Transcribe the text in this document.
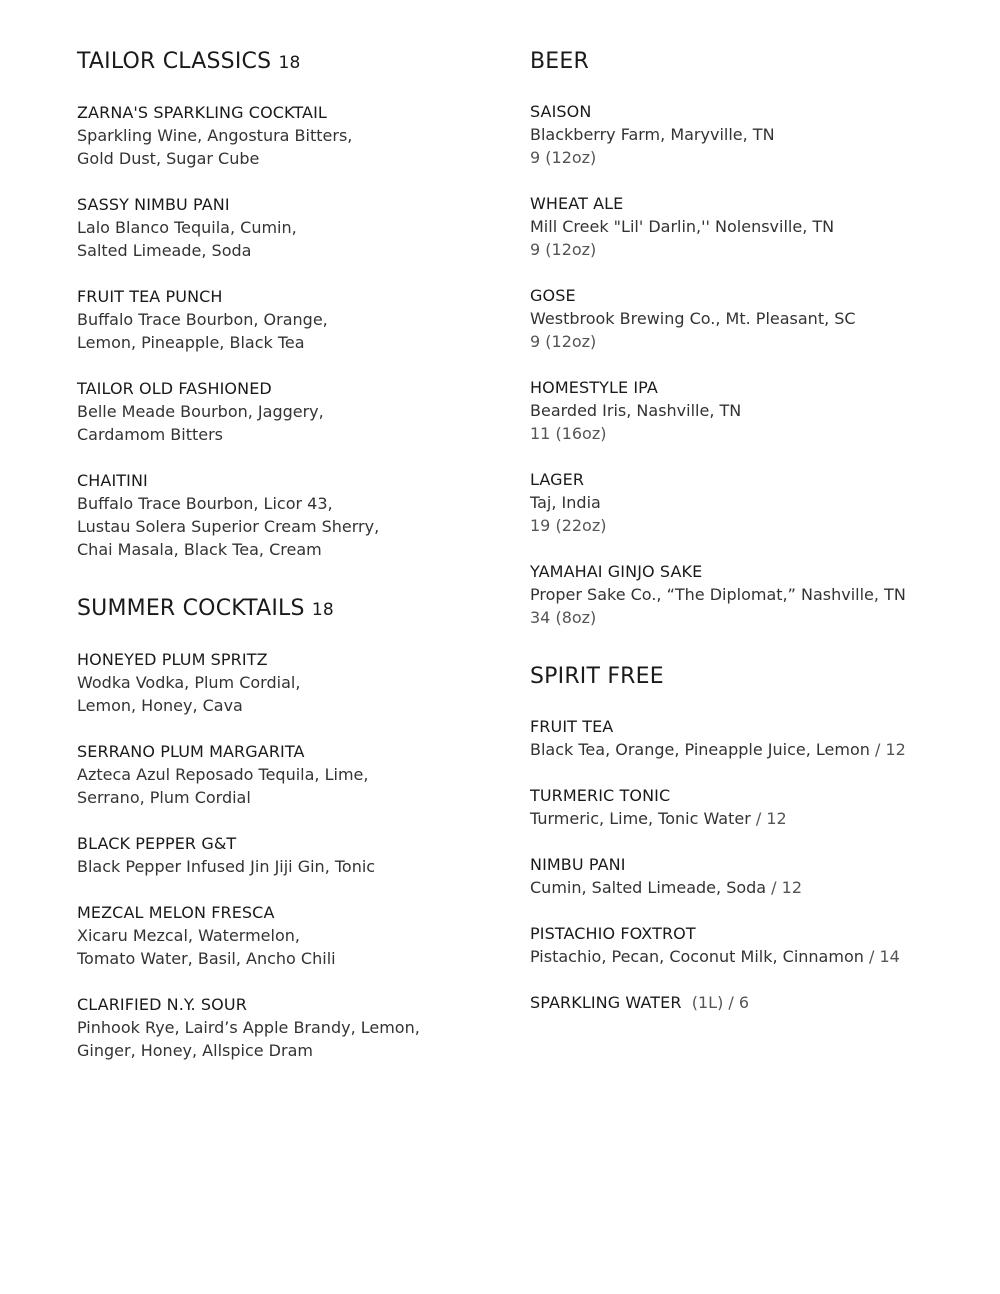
TAILOR CLASSICS 18
ZARNA'S SPARKLING COCKTAIL
Sparkling Wine, Angostura Bitters,
Gold Dust, Sugar Cube
SASSY NIMBU PANI
Lalo Blanco Tequila, Cumin,
Salted Limeade, Soda
FRUIT TEA PUNCH
Buffalo Trace Bourbon, Orange,
Lemon, Pineapple, Black Tea
TAILOR OLD FASHIONED
Belle Meade Bourbon, Jaggery,
Cardamom Bitters
CHAITINI
Buffalo Trace Bourbon, Licor 43,
Lustau Solera Superior Cream Sherry,
Chai Masala, Black Tea, Cream
SUMMER COCKTAILS 18
HONEYED PLUM SPRITZ
Wodka Vodka, Plum Cordial,
Lemon, Honey, Cava
SERRANO PLUM MARGARITA
Azteca Azul Reposado Tequila, Lime,
Serrano, Plum Cordial
BLACK PEPPER G&T
Black Pepper Infused Jin Jiji Gin, Tonic
MEZCAL MELON FRESCA
Xicaru Mezcal, Watermelon,
Tomato Water, Basil, Ancho Chili
CLARIFIED N.Y. SOUR
Pinhook Rye, Laird’s Apple Brandy, Lemon,
Ginger, Honey, Allspice Dram
BEER
SAISON
Blackberry Farm, Maryville, TN
9 (12oz)
WHEAT ALE
Mill Creek "Lil' Darlin,'' Nolensville, TN
9 (12oz)
GOSE
Westbrook Brewing Co., Mt. Pleasant, SC
9 (12oz)
HOMESTYLE IPA
Bearded Iris, Nashville, TN
11 (16oz)
LAGER
Taj, India
19 (22oz)
YAMAHAI GINJO SAKE
Proper Sake Co., “The Diplomat,” Nashville, TN
34 (8oz)
SPIRIT FREE
FRUIT TEA
Black Tea, Orange, Pineapple Juice, Lemon / 12
TURMERIC TONIC
Turmeric, Lime, Tonic Water / 12
NIMBU PANI
Cumin, Salted Limeade, Soda / 12
PISTACHIO FOXTROT
Pistachio, Pecan, Coconut Milk, Cinnamon / 14
SPARKLING WATER  (1L) / 6
